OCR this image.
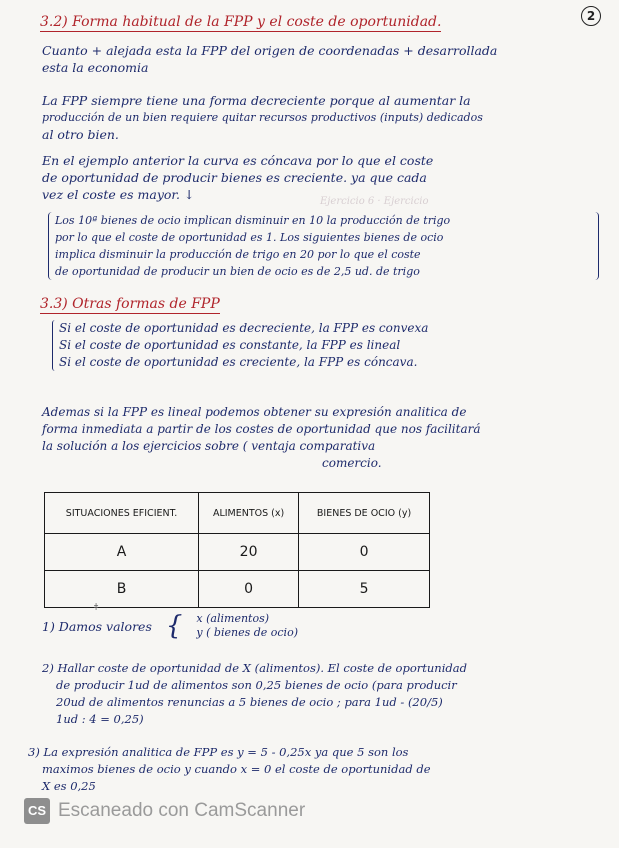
2
3.2) Forma habitual de la FPP y el coste de oportunidad.
Cuanto + alejada esta la FPP del origen de coordenadas + desarrollada
esta la economia
La FPP siempre tiene una forma decreciente porque al aumentar la
producción de un bien requiere quitar recursos productivos (inputs) dedicados
al otro bien.
En el ejemplo anterior la curva es cóncava por lo que el coste
de oportunidad de producir bienes es creciente. ya que cada
vez el coste es mayor. ↓	Ejercicio 6 · Ejercicio
Los 10ª bienes de ocio implican disminuir en 10 la producción de trigo
por lo que el coste de oportunidad es 1. Los siguientes bienes de ocio
implica disminuir la producción de trigo en 20 por lo que el coste
de oportunidad de producir un bien de ocio es de 2,5 ud. de trigo
3.3) Otras formas de FPP
Si el coste de oportunidad es decreciente, la FPP es convexa
Si el coste de oportunidad es constante, la FPP es lineal
Si el coste de oportunidad es creciente, la FPP es cóncava.
Ademas si la FPP es lineal podemos obtener su expresión analitica de
forma inmediata a partir de los costes de oportunidad que nos facilitará
la solución a los ejercicios sobre ( ventaja comparativa
comercio.
SITUACIONES EFICIENT.	ALIMENTOS (x)	BIENES DE OCIO (y)
A	20	0
B	0	5
ǂ
1) Damos valores { x (alimentos)
y ( bienes de ocio)
2) Hallar coste de oportunidad de X (alimentos). El coste de oportunidad
de producir 1ud de alimentos son 0,25 bienes de ocio (para producir
20ud de alimentos renuncias a 5 bienes de ocio ; para 1ud - (20/5)
1ud : 4 = 0,25)
3) La expresión analitica de FPP es y = 5 - 0,25x ya que 5 son los
maximos bienes de ocio y cuando x = 0 el coste de oportunidad de
X es 0,25
CS Escaneado con CamScanner
